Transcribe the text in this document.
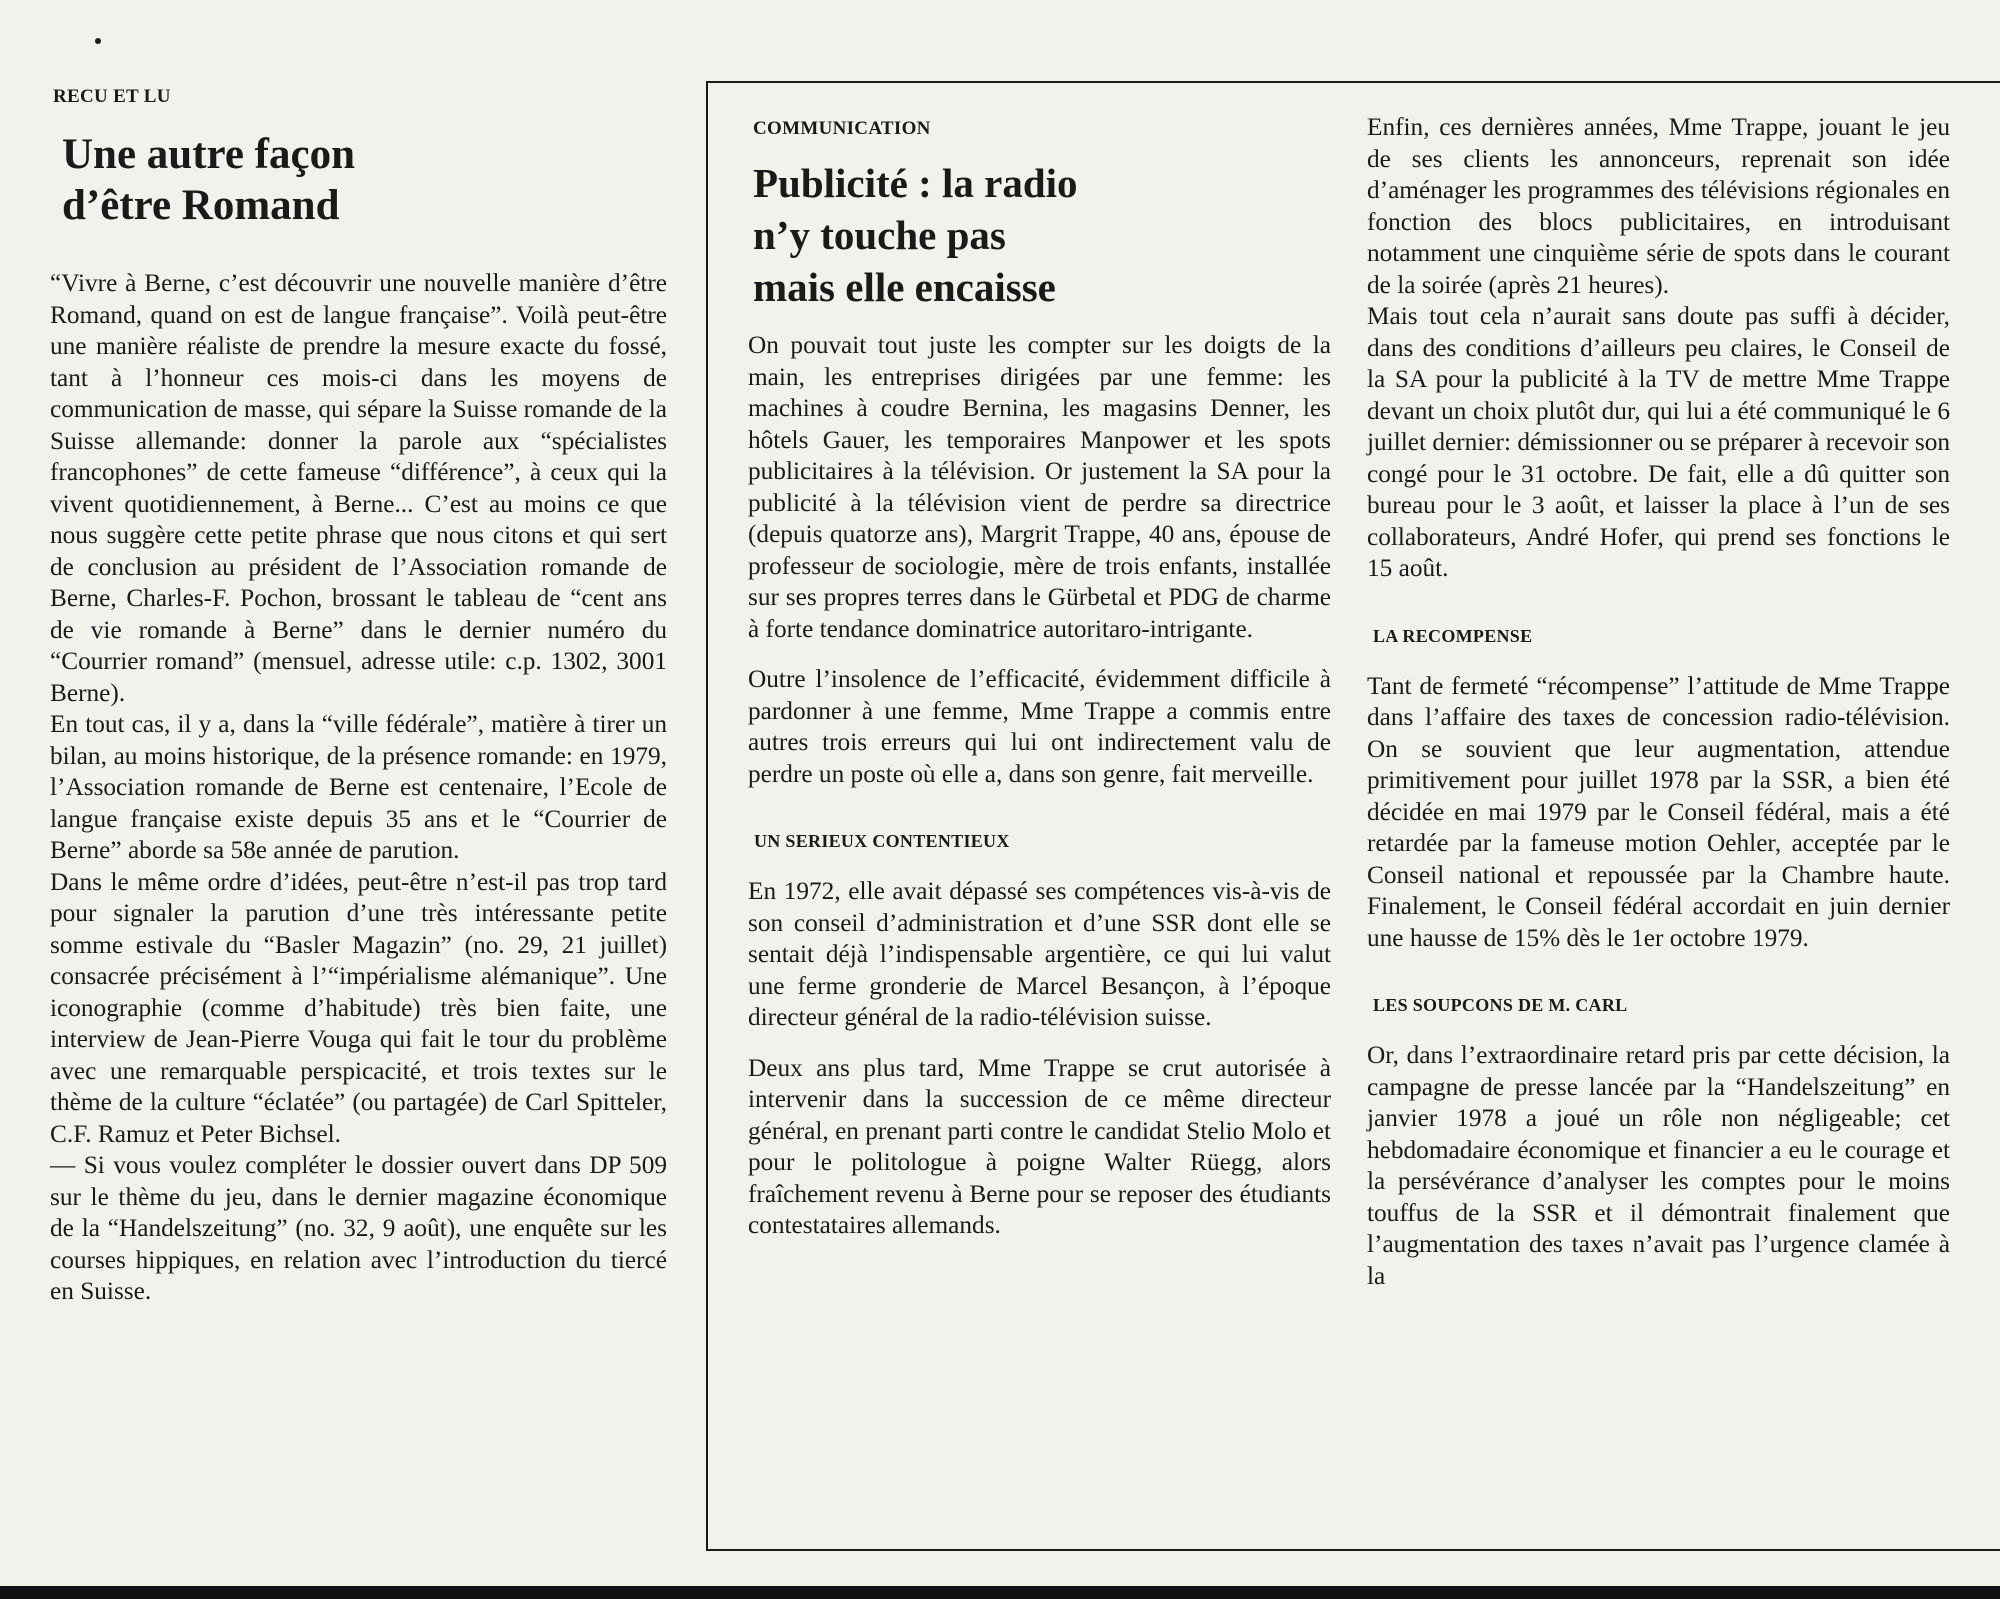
RECU ET LU
Une autre façon
d’être Romand

“Vivre à Berne, c’est découvrir une nouvelle manière d’être Romand, quand on est de langue française”. Voilà peut-être une manière réaliste de prendre la mesure exacte du fossé, tant à l’honneur ces mois-ci dans les moyens de communication de masse, qui sépare la Suisse romande de la Suisse allemande: donner la parole aux “spécialistes francophones” de cette fameuse “différence”, à ceux qui la vivent quotidiennement, à Berne... C’est au moins ce que nous suggère cette petite phrase que nous citons et qui sert de conclusion au président de l’Association romande de Berne, Charles-F. Pochon, brossant le tableau de “cent ans de vie romande à Berne” dans le dernier numéro du “Courrier romand” (mensuel, adresse utile: c.p. 1302, 3001 Berne).

En tout cas, il y a, dans la “ville fédérale”, matière à tirer un bilan, au moins historique, de la présence romande: en 1979, l’Association romande de Berne est centenaire, l’Ecole de langue française existe depuis 35 ans et le “Courrier de Berne” aborde sa 58e année de parution.

Dans le même ordre d’idées, peut-être n’est-il pas trop tard pour signaler la parution d’une très intéressante petite somme estivale du “Basler Magazin” (no. 29, 21 juillet) consacrée précisément à l’“impérialisme alémanique”. Une iconographie (comme d’habitude) très bien faite, une interview de Jean-Pierre Vouga qui fait le tour du problème avec une remarquable perspicacité, et trois textes sur le thème de la culture “éclatée” (ou partagée) de Carl Spitteler, C.F. Ramuz et Peter Bichsel.

— Si vous voulez compléter le dossier ouvert dans DP 509 sur le thème du jeu, dans le dernier magazine économique de la “Handelszeitung” (no. 32, 9 août), une enquête sur les courses hippiques, en relation avec l’introduction du tiercé en Suisse.

COMMUNICATION
Publicité : la radio
n’y touche pas
mais elle encaisse

On pouvait tout juste les compter sur les doigts de la main, les entreprises dirigées par une femme: les machines à coudre Bernina, les magasins Denner, les hôtels Gauer, les temporaires Manpower et les spots publicitaires à la télévision. Or justement la SA pour la publicité à la télévision vient de perdre sa directrice (depuis quatorze ans), Margrit Trappe, 40 ans, épouse de professeur de sociologie, mère de trois enfants, installée sur ses propres terres dans le Gürbetal et PDG de charme à forte tendance dominatrice autoritaro-intrigante.

Outre l’insolence de l’efficacité, évidemment difficile à pardonner à une femme, Mme Trappe a commis entre autres trois erreurs qui lui ont indirectement valu de perdre un poste où elle a, dans son genre, fait merveille.

UN SERIEUX CONTENTIEUX

En 1972, elle avait dépassé ses compétences vis-à-vis de son conseil d’administration et d’une SSR dont elle se sentait déjà l’indispensable argentière, ce qui lui valut une ferme gronderie de Marcel Besançon, à l’époque directeur général de la radio-télévision suisse.

Deux ans plus tard, Mme Trappe se crut autorisée à intervenir dans la succession de ce même directeur général, en prenant parti contre le candidat Stelio Molo et pour le politologue à poigne Walter Rüegg, alors fraîchement revenu à Berne pour se reposer des étudiants contestataires allemands.

Enfin, ces dernières années, Mme Trappe, jouant le jeu de ses clients les annonceurs, reprenait son idée d’aménager les programmes des télévisions régionales en fonction des blocs publicitaires, en introduisant notamment une cinquième série de spots dans le courant de la soirée (après 21 heures).

Mais tout cela n’aurait sans doute pas suffi à décider, dans des conditions d’ailleurs peu claires, le Conseil de la SA pour la publicité à la TV de mettre Mme Trappe devant un choix plutôt dur, qui lui a été communiqué le 6 juillet dernier: démissionner ou se préparer à recevoir son congé pour le 31 octobre. De fait, elle a dû quitter son bureau pour le 3 août, et laisser la place à l’un de ses collaborateurs, André Hofer, qui prend ses fonctions le 15 août.

LA RECOMPENSE

Tant de fermeté “récompense” l’attitude de Mme Trappe dans l’affaire des taxes de concession radio-télévision. On se souvient que leur augmentation, attendue primitivement pour juillet 1978 par la SSR, a bien été décidée en mai 1979 par le Conseil fédéral, mais a été retardée par la fameuse motion Oehler, acceptée par le Conseil national et repoussée par la Chambre haute. Finalement, le Conseil fédéral accordait en juin dernier une hausse de 15% dès le 1er octobre 1979.

LES SOUPCONS DE M. CARL

Or, dans l’extraordinaire retard pris par cette décision, la campagne de presse lancée par la “Handelszeitung” en janvier 1978 a joué un rôle non négligeable; cet hebdomadaire économique et financier a eu le courage et la persévérance d’analyser les comptes pour le moins touffus de la SSR et il démontrait finalement que l’augmentation des taxes n’avait pas l’urgence clamée à la
